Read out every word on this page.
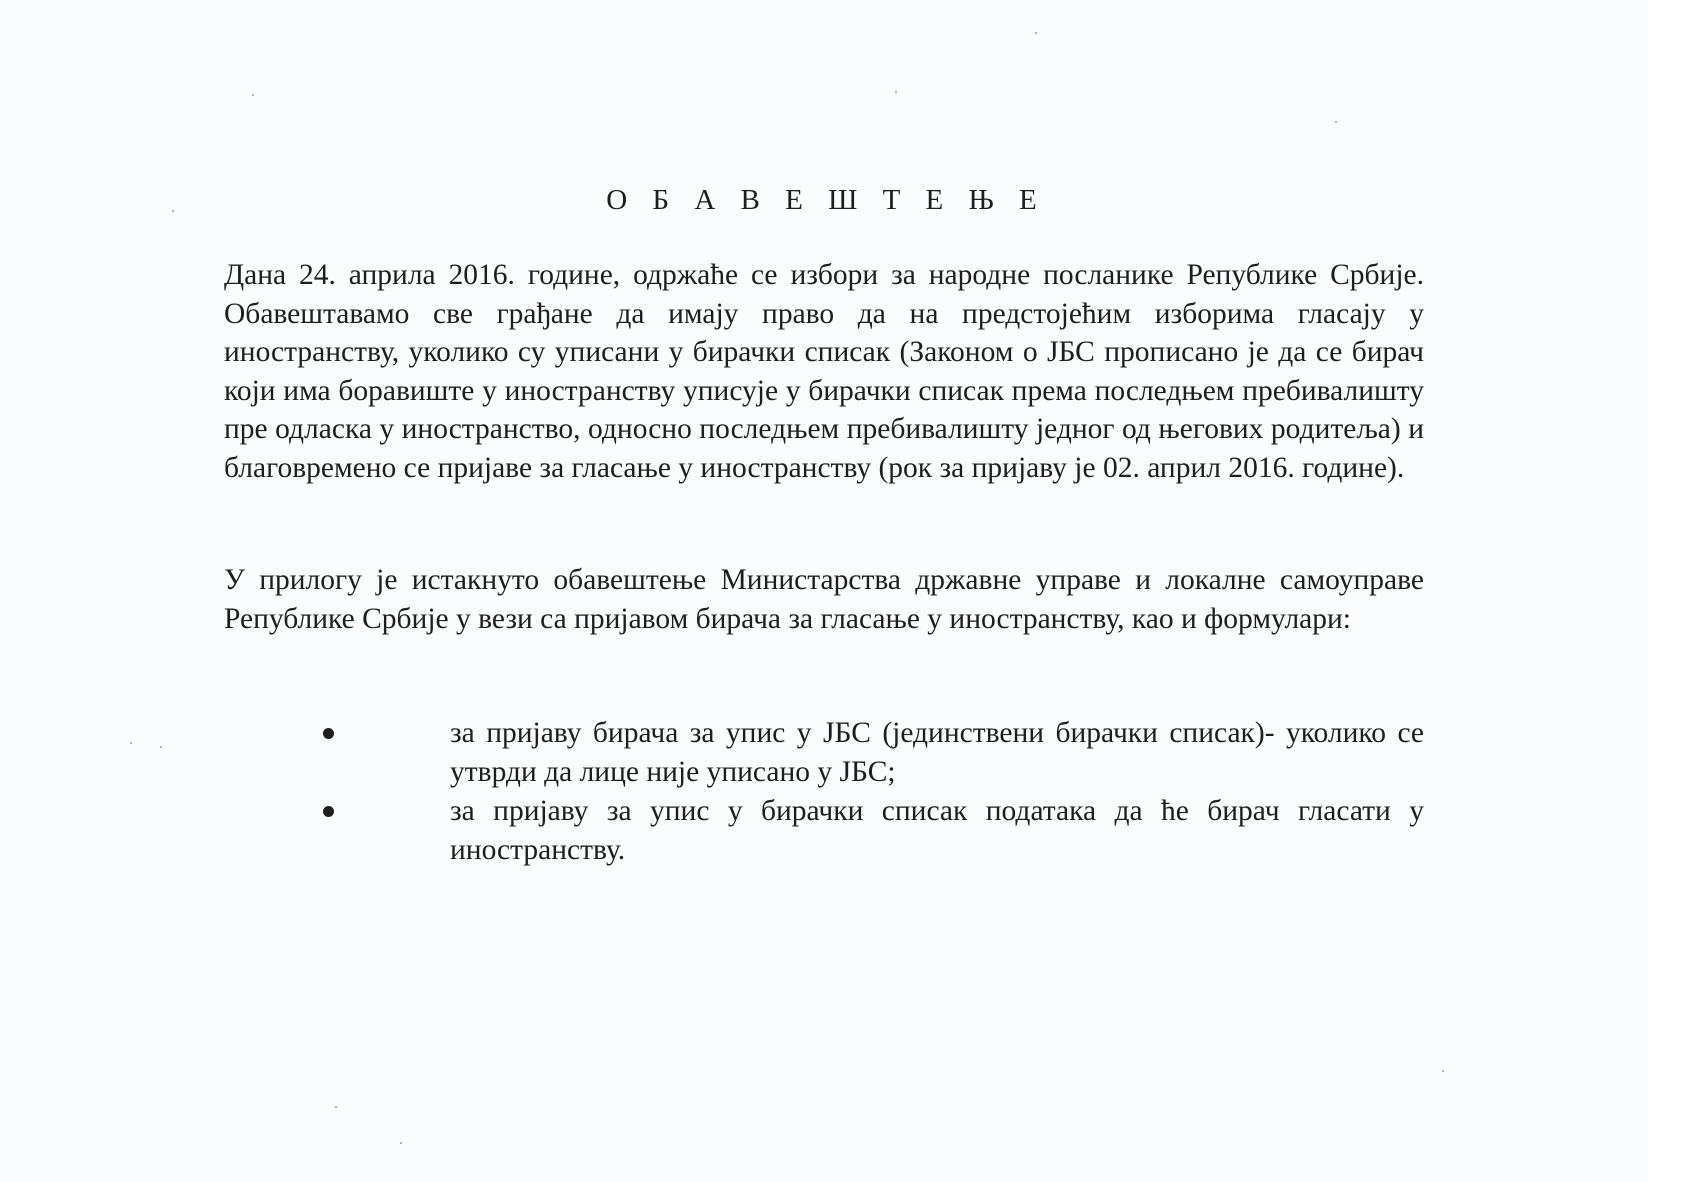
О Б А В Е Ш Т Е Њ Е

Дана 24. априла 2016. године, одржаће се избори за народне посланике Републике Србије. Обавештавамо све грађане да имају право да на предстојећим изборима гласају у иностранству, уколико су уписани у бирачки списак (Законом о ЈБС прописано је да се бирач који има боравиште у иностранству уписује у бирачки списак према последњем пребивалишту пре одласка у иностранство, односно последњем пребивалишту једног од његових родитеља) и благовремено се пријаве за гласање у иностранству (рок за пријаву је 02. април 2016. године).

У прилогу је истакнуто обавештење Министарства државне управе и локалне самоуправе Републике Србије у вези са пријавом бирача за гласање у иностранству, као и формулари:

за пријаву бирача за упис у ЈБС (јединствени бирачки списак)- уколико се утврди да лице није уписано у ЈБС;
за пријаву за упис у бирачки списак података да ће бирач гласати у иностранству.
